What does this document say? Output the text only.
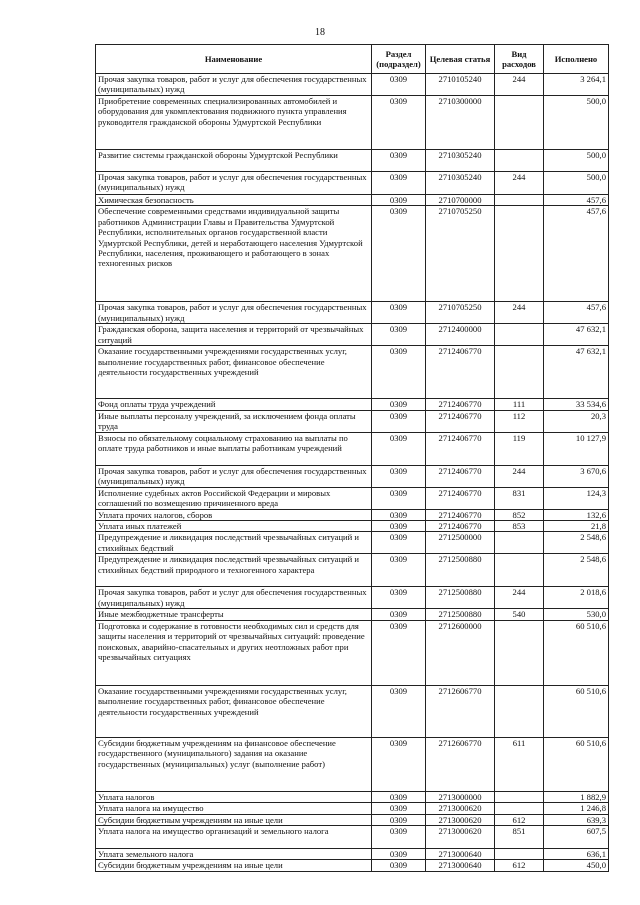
18
Наименование	Раздел (подраздел)	Целевая статья	Вид расходов	Исполнено
Прочая закупка товаров, работ и услуг для обеспечения государственных (муниципальных) нужд	0309	2710105240	244	3 264,1
Приобретение современных специализированных автомобилей и оборудования для укомплектования подвижного пункта управления руководителя гражданской обороны Удмуртской Республики	0309	2710300000		500,0
Развитие системы гражданской обороны Удмуртской Республики	0309	2710305240		500,0
Прочая закупка товаров, работ и услуг для обеспечения государственных (муниципальных) нужд	0309	2710305240	244	500,0
Химическая безопасность	0309	2710700000		457,6
Обеспечение современными средствами индивидуальной защиты работников Администрации Главы и Правительства Удмуртской Республики, исполнительных органов государственной власти Удмуртской Республики, детей и неработающего населения Удмуртской Республики, населения, проживающего и работающего в зонах техногенных рисков	0309	2710705250		457,6
Прочая закупка товаров, работ и услуг для обеспечения государственных (муниципальных) нужд	0309	2710705250	244	457,6
Гражданская оборона, защита населения и территорий от чрезвычайных ситуаций	0309	2712400000		47 632,1
Оказание государственными учреждениями государственных услуг, выполнение государственных работ, финансовое обеспечение деятельности государственных учреждений	0309	2712406770		47 632,1
Фонд оплаты труда учреждений	0309	2712406770	111	33 534,6
Иные выплаты персоналу учреждений, за исключением фонда оплаты труда	0309	2712406770	112	20,3
Взносы по обязательному социальному страхованию на выплаты по оплате труда работников и иные выплаты работникам учреждений	0309	2712406770	119	10 127,9
Прочая закупка товаров, работ и услуг для обеспечения государственных (муниципальных) нужд	0309	2712406770	244	3 670,6
Исполнение судебных актов Российской Федерации и мировых соглашений по возмещению причиненного вреда	0309	2712406770	831	124,3
Уплата прочих налогов, сборов	0309	2712406770	852	132,6
Уплата иных платежей	0309	2712406770	853	21,8
Предупреждение и ликвидация последствий чрезвычайных ситуаций и стихийных бедствий	0309	2712500000		2 548,6
Предупреждение и ликвидация последствий чрезвычайных ситуаций и стихийных бедствий природного и техногенного характера	0309	2712500880		2 548,6
Прочая закупка товаров, работ и услуг для обеспечения государственных (муниципальных) нужд	0309	2712500880	244	2 018,6
Иные межбюджетные трансферты	0309	2712500880	540	530,0
Подготовка и содержание в готовности необходимых сил и средств для защиты населения и территорий от чрезвычайных ситуаций: проведение поисковых, аварийно-спасательных и других неотложных работ при чрезвычайных ситуациях	0309	2712600000		60 510,6
Оказание государственными учреждениями государственных услуг, выполнение государственных работ, финансовое обеспечение деятельности государственных учреждений	0309	2712606770		60 510,6
Субсидии бюджетным учреждениям на финансовое обеспечение государственного (муниципального) задания на оказание государственных (муниципальных) услуг (выполнение работ)	0309	2712606770	611	60 510,6
Уплата налогов	0309	2713000000		1 882,9
Уплата налога на имущество	0309	2713000620		1 246,8
Субсидии бюджетным учреждениям на иные цели	0309	2713000620	612	639,3
Уплата налога на имущество организаций и земельного налога	0309	2713000620	851	607,5
Уплата земельного налога	0309	2713000640		636,1
Субсидии бюджетным учреждениям на иные цели	0309	2713000640	612	450,0
